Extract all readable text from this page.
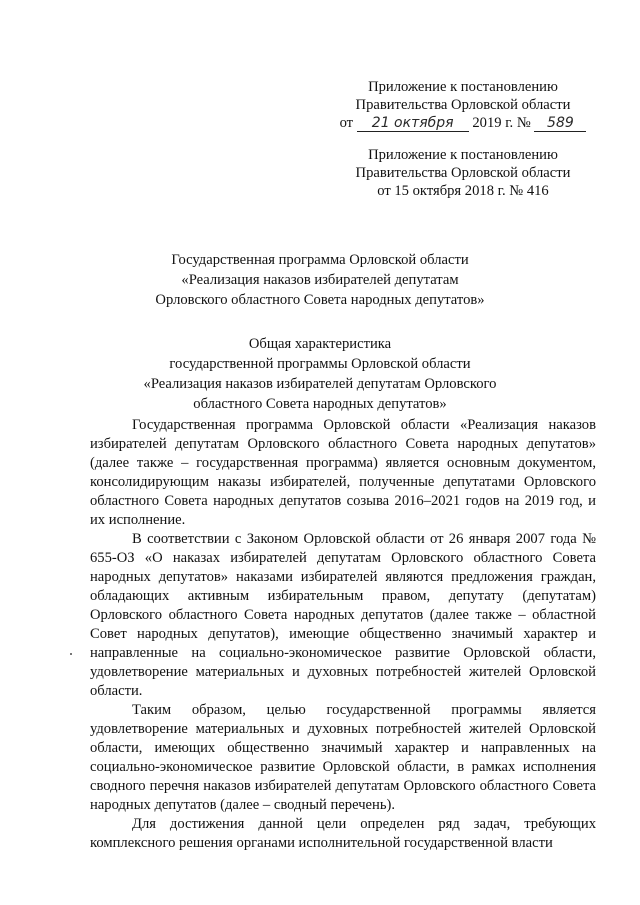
Приложение к постановлению
Правительства Орловской области
от 21 октября 2019 г. № 589
Приложение к постановлению
Правительства Орловской области
от 15 октября 2018 г. № 416
Государственная программа Орловской области
«Реализация наказов избирателей депутатам
Орловского областного Совета народных депутатов»
Общая характеристика
государственной программы Орловской области
«Реализация наказов избирателей депутатам Орловского
областного Совета народных депутатов»

Государственная программа Орловской области «Реализация наказов избирателей депутатам Орловского областного Совета народных депутатов» (далее также – государственная программа) является основным документом, консолидирующим наказы избирателей, полученные депутатами Орловского областного Совета народных депутатов созыва 2016–2021 годов на 2019 год, и их исполнение.

В соответствии с Законом Орловской области от 26 января 2007 года № 655-ОЗ «О наказах избирателей депутатам Орловского областного Совета народных депутатов» наказами избирателей являются предложения граждан, обладающих активным избирательным правом, депутату (депутатам) Орловского областного Совета народных депутатов (далее также – областной Совет народных депутатов), имеющие общественно значимый характер и направленные на социально-экономическое развитие Орловской области, удовлетворение материальных и духовных потребностей жителей Орловской области.

Таким образом, целью государственной программы является удовлетворение материальных и духовных потребностей жителей Орловской области, имеющих общественно значимый характер и направленных на социально-экономическое развитие Орловской области, в рамках исполнения сводного перечня наказов избирателей депутатам Орловского областного Совета народных депутатов (далее – сводный перечень).

Для достижения данной цели определен ряд задач, требующих комплексного решения органами исполнительной государственной власти
